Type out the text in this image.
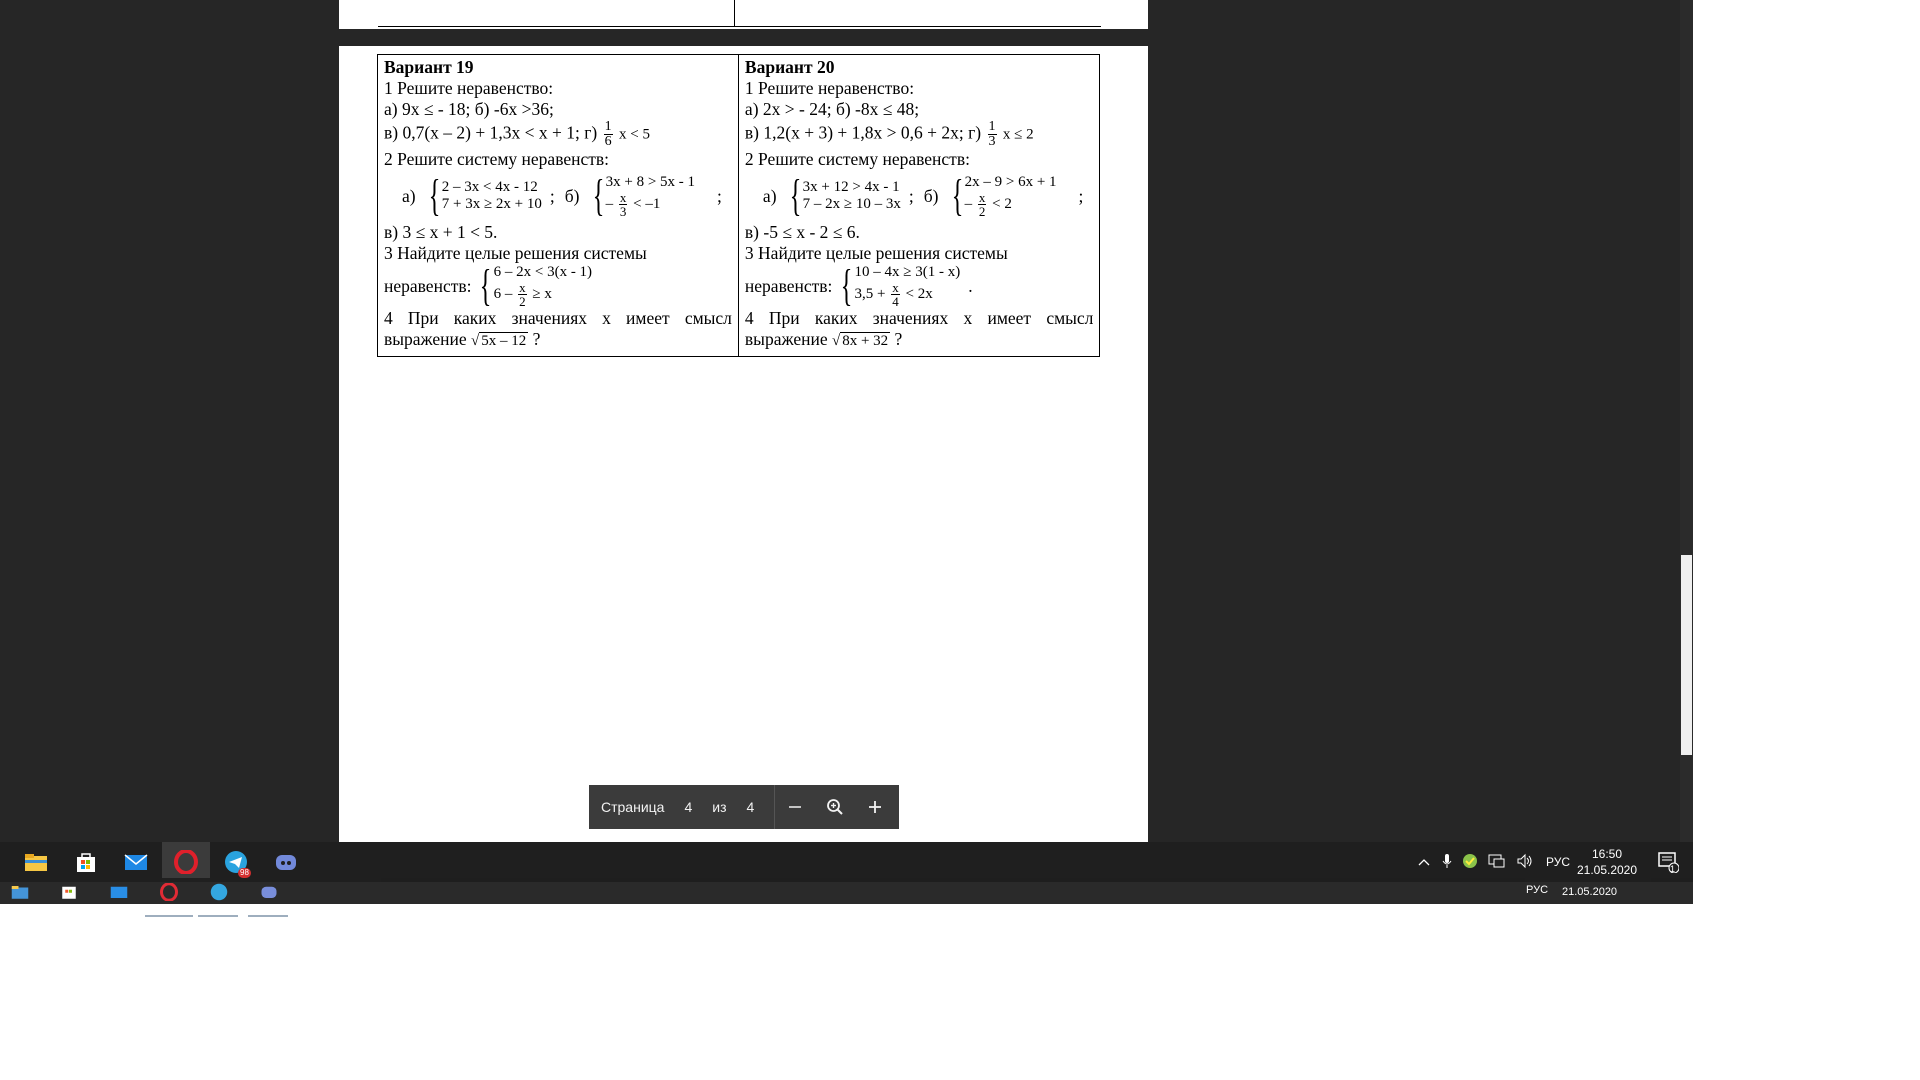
Вариант 19
1 Решите неравенство:
а) 9x ≤ - 18; б) -6x >36;
в) 0,7(x – 2) + 1,3x < x + 1; $г) \frac{1}{6}$ x < 5
2 Решите систему неравенств:
а) { 2 – 3x < 4x - 12
7 + 3x ≥ 2x + 10 ; б) { 3x + 8 > 5x - 1
– $\frac{x}{3} < -1$	;
в) 3 ≤ x + 1 < 5.
3 Найдите целые решения системы
неравенств: { 6 – 2x < 3(x - 1)
$6 - \frac{x}{2} \ge x$
4 При каких значениях x имеет смысл
выражение √ 5x – 12 ?

Вариант 20
1 Решите неравенство:
а) 2x > - 24; б) -8x ≤ 48;
в) 1,2(x + 3) + 1,8x > 0,6 + 2x; $г) \frac{1}{3}$ x ≤ 2
2 Решите систему неравенств:
а) { 3x + 12 > 4x - 1
7 – 2x ≥ 10 – 3x ; б) { 2x – 9 > 6x + 1
– $\frac{x}{2} < 2$	;
в) -5 ≤ x - 2 ≤ 6.
3 Найдите целые решения системы
неравенств: { 10 – 4x ≥ 3(1 - x)
$3,5 + \frac{x}{4} < 2x$	.
4 При каких значениях x имеет смысл
выражение √ 8x + 32 ?
Страница 4 из 4
98
РУС
16:50
21.05.2020	1
РУС 21.05.2020
